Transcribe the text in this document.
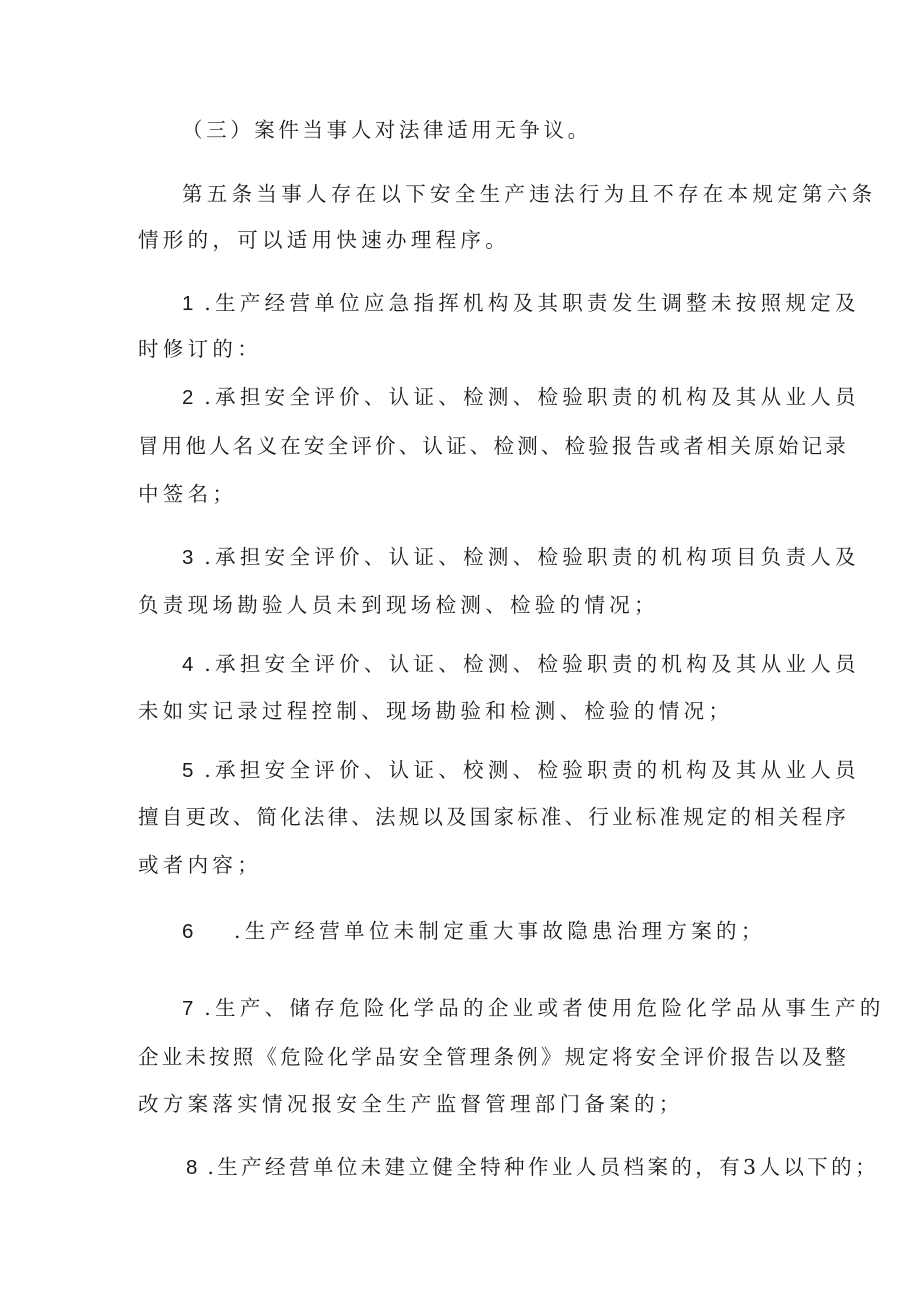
（三）案件当事人对法律适用无争议。
第五条当事人存在以下安全生产违法行为且不存在本规定第六条
情形的，可以适用快速办理程序。
1 .生产经营单位应急指挥机构及其职责发生调整未按照规定及
时修订的：
2 .承担安全评价、认证、检测、检验职责的机构及其从业人员
冒用他人名义在安全评价、认证、检测、检验报告或者相关原始记录
中签名；
3 .承担安全评价、认证、检测、检验职责的机构项目负责人及
负责现场勘验人员未到现场检测、检验的情况；
4 .承担安全评价、认证、检测、检验职责的机构及其从业人员
未如实记录过程控制、现场勘验和检测、检验的情况；
5 .承担安全评价、认证、校测、检验职责的机构及其从业人员
擅自更改、简化法律、法规以及国家标准、行业标准规定的相关程序
或者内容；
6 .生产经营单位未制定重大事故隐患治理方案的；
7 .生产、储存危险化学品的企业或者使用危险化学品从事生产的
企业未按照《危险化学品安全管理条例》规定将安全评价报告以及整
改方案落实情况报安全生产监督管理部门备案的；
8 .生产经营单位未建立健全特种作业人员档案的，有3人以下的；
